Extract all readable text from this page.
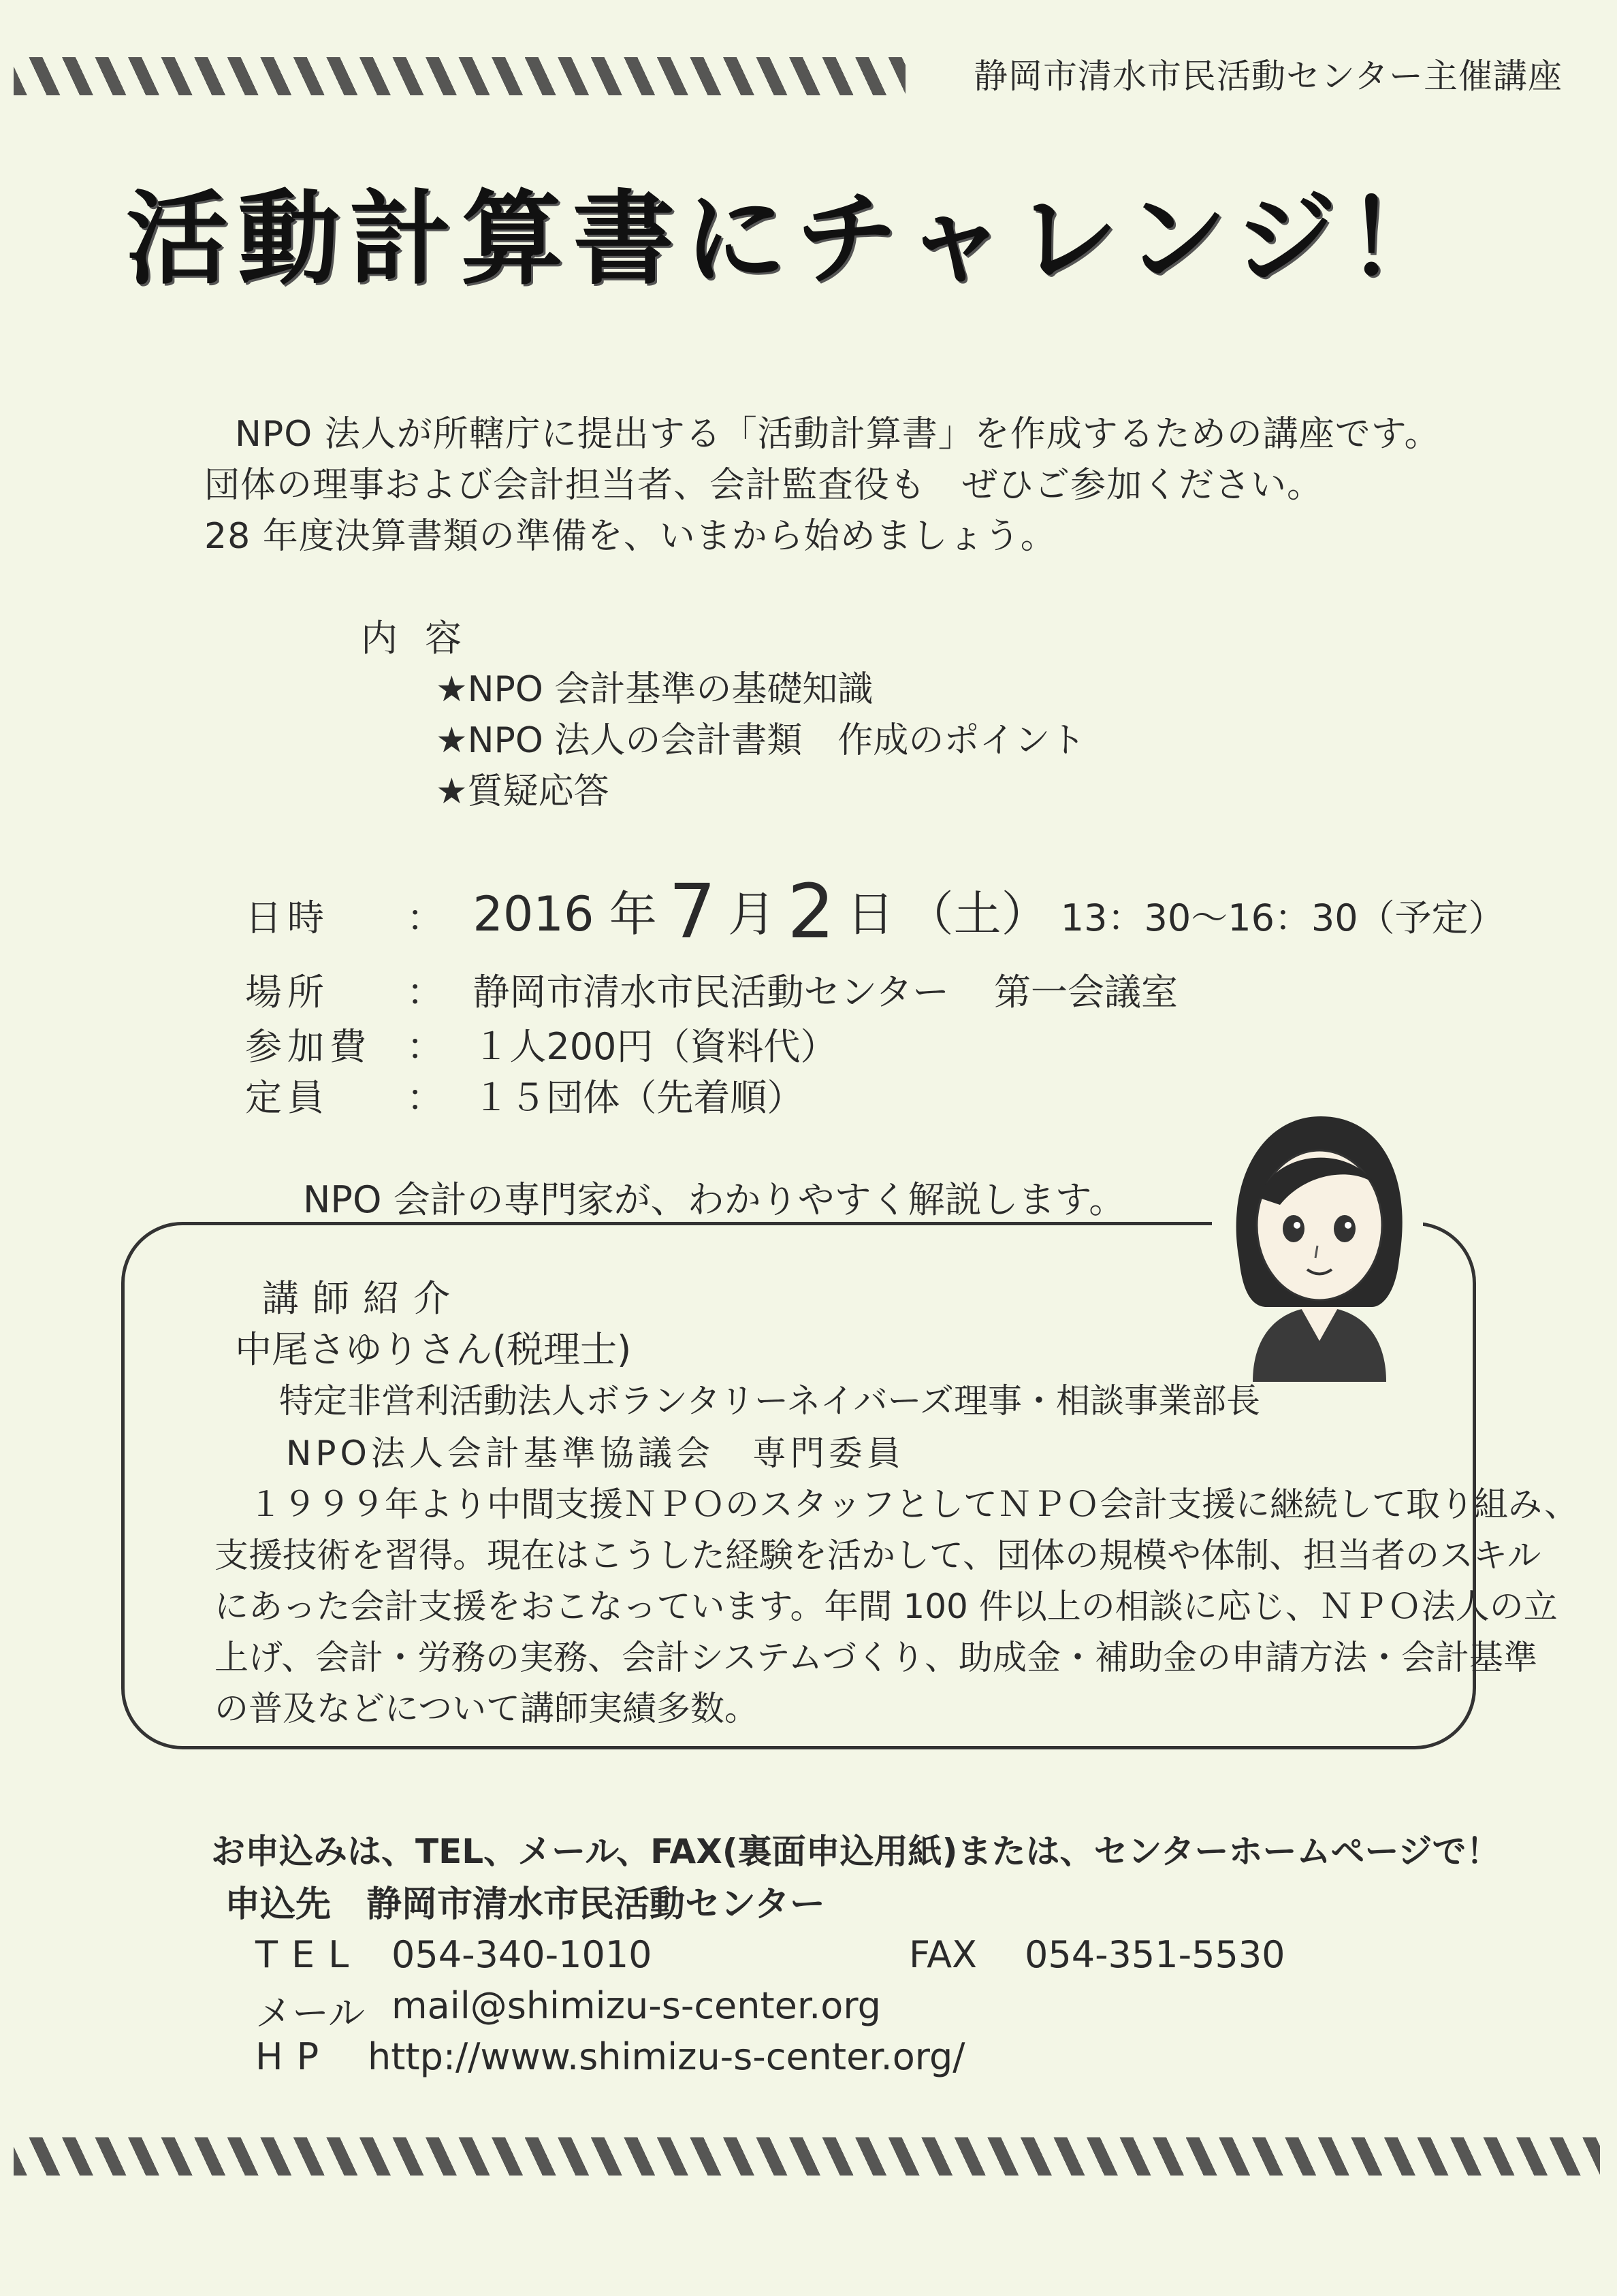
静岡市清水市民活動センター主催講座
活動計算書にチャレンジ！
NPO 法人が所轄庁に提出する「活動計算書」を作成するための講座です。
団体の理事および会計担当者、会計監査役も　ぜひご参加ください。
28 年度決算書類の準備を、いまから始めましょう。
内容
★NPO 会計基準の基礎知識
★NPO 法人の会計書類　作成のポイント
★質疑応答
日時 ： 2016 年 7 月 2 日 （土） 13：30〜16：30（予定）
場所 ： 静岡市清水市民活動センター 第一会議室
参加費 ： １人200円（資料代）
定員 ： １５団体（先着順）
NPO 会計の専門家が、わかりやすく解説します。
講師紹介
中尾さゆりさん(税理士)
特定非営利活動法人ボランタリーネイバーズ理事・相談事業部長
NPO法人会計基準協議会　専門委員
１９９９年より中間支援ＮＰＯのスタッフとしてＮＰＯ会計支援に継続して取り組み、
支援技術を習得。現在はこうした経験を活かして、団体の規模や体制、担当者のスキル
にあった会計支援をおこなっています。年間 100 件以上の相談に応じ、ＮＰＯ法人の立
上げ、会計・労務の実務、会計システムづくり、助成金・補助金の申請方法・会計基準
の普及などについて講師実績多数。
お申込みは、TEL、メール、FAX(裏面申込用紙)または、センターホームページで！
申込先　静岡市清水市民活動センター
TEL 054-340-1010	FAX 054-351-5530
メール mail@shimizu-s-center.org
HP http://www.shimizu-s-center.org/
